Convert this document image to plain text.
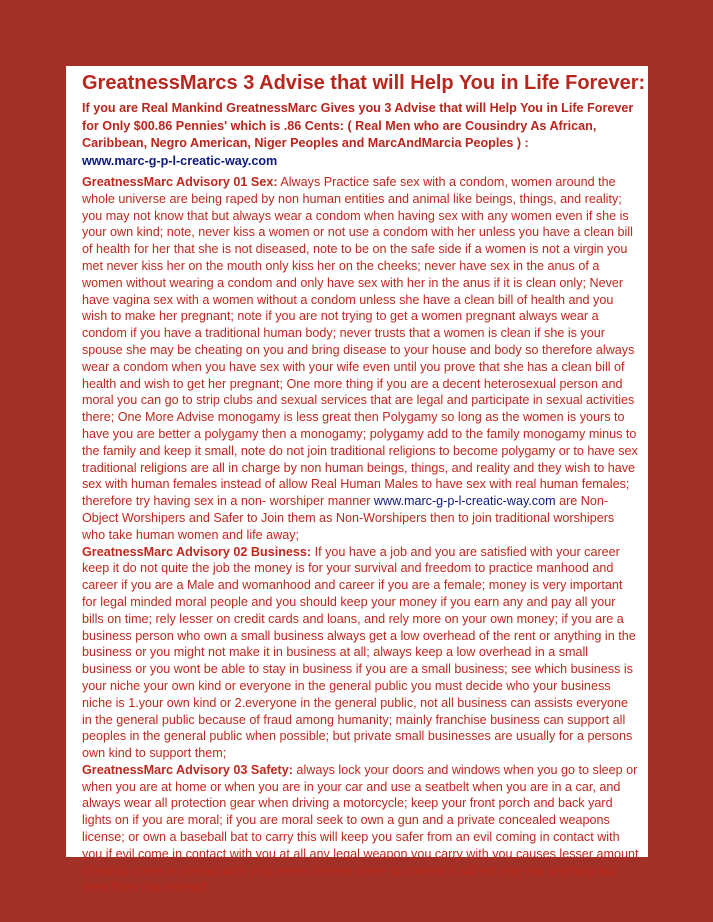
GreatnessMarcs 3 Advise that will Help You in Life Forever:

If you are Real Mankind GreatnessMarc Gives you 3 Advise that will Help You in Life Forever for Only $00.86 Pennies' which is .86 Cents: ( Real Men who are Cousindry As African, Caribbean, Negro American, Niger Peoples and MarcAndMarcia Peoples ) :

www.marc-g-p-l-creatic-way.com

GreatnessMarc Advisory 01 Sex: Always Practice safe sex with a condom, women around the whole universe are being raped by non human entities and animal like beings, things, and reality; you may not know that but always wear a condom when having sex with any women even if she is your own kind; note, never kiss a women or not use a condom with her unless you have a clean bill of health for her that she is not diseased, note to be on the safe side if a women is not a virgin you met never kiss her on the mouth only kiss her on the cheeks; never have sex in the anus of a women without wearing a condom and only have sex with her in the anus if it is clean only; Never have vagina sex with a women without a condom unless she have a clean bill of health and you wish to make her pregnant; note if you are not trying to get a women pregnant always wear a condom if you have a traditional human body; never trusts that a women is clean if she is your spouse she may be cheating on you and bring disease to your house and body so therefore always wear a condom when you have sex with your wife even until you prove that she has a clean bill of health and wish to get her pregnant; One more thing if you are a decent heterosexual person and moral you can go to strip clubs and sexual services that are legal and participate in sexual activities there; One More Advise monogamy is less great then Polygamy so long as the women is yours to have you are better a polygamy then a monogamy; polygamy add to the family monogamy minus to the family and keep it small, note do not join traditional religions to become polygamy or to have sex traditional religions are all in charge by non human beings, things, and reality and they wish to have sex with human females instead of allow Real Human Males to have sex with real human females; therefore try having sex in a non- worshiper manner www.marc-g-p-l-creatic-way.com are Non-Object Worshipers and Safer to Join them as Non-Worshipers then to join traditional worshipers who take human women and life away;
GreatnessMarc Advisory 02 Business: If you have a job and you are satisfied with your career keep it do not quite the job the money is for your survival and freedom to practice manhood and career if you are a Male and womanhood and career if you are a female; money is very important for legal minded moral people and you should keep your money if you earn any and pay all your bills on time; rely lesser on credit cards and loans, and rely more on your own money; if you are a business person who own a small business always get a low overhead of the rent or anything in the business or you might not make it in business at all; always keep a low overhead in a small business or you wont be able to stay in business if you are a small business; see which business is your niche your own kind or everyone in the general public you must decide who your business niche is 1.your own kind or 2.everyone in the general public, not all business can assists everyone in the general public because of fraud among humanity; mainly franchise business can support all peoples in the general public when possible; but private small businesses are usually for a persons own kind to support them;
GreatnessMarc Advisory 03 Safety: always lock your doors and windows when you go to sleep or when you are at home or when you are in your car and use a seatbelt when you are in a car, and always wear all protection gear when driving a motorcycle; keep your front porch and back yard lights on if you are moral; if you are moral seek to own a gun and a private concealed weapons license; or own a baseball bat to carry this will keep you safer from an evil coming in contact with you if evil come in contact with you at all any legal weapon you carry with you causes lesser amount of evil to come in contact with you; never choose crime to commit it will not pay you anything but steal from you instead;
